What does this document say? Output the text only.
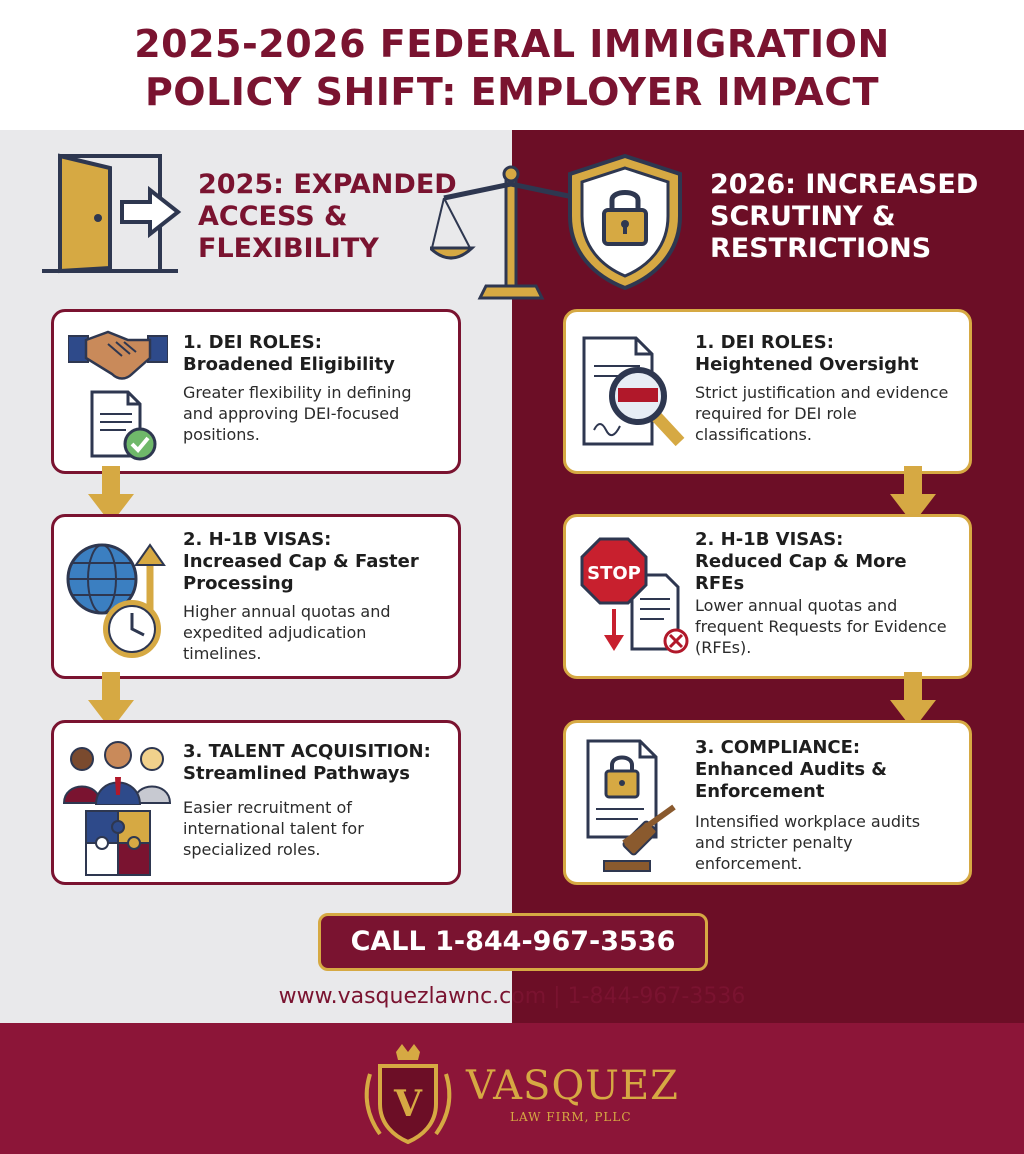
2025-2026 FEDERAL IMMIGRATION
POLICY SHIFT: EMPLOYER IMPACT
2025: EXPANDED
ACCESS &
FLEXIBILITY
2026: INCREASED
SCRUTINY &
RESTRICTIONS
1. DEI ROLES:
Broadened Eligibility
Greater flexibility in defining and approving DEI-focused positions.
2. H-1B VISAS:
Increased Cap & Faster
Processing
Higher annual quotas and expedited adjudication timelines.
3. TALENT ACQUISITION:
Streamlined Pathways
Easier recruitment of international talent for specialized roles.
1. DEI ROLES:
Heightened Oversight
Strict justification and evidence required for DEI role classifications.
STOP
2. H-1B VISAS:
Reduced Cap & More
RFEs
Lower annual quotas and frequent Requests for Evidence (RFEs).
3. COMPLIANCE:
Enhanced Audits &
Enforcement
Intensified workplace audits and stricter penalty enforcement.
CALL 1-844-967-3536
www.vasquezlawnc.com | 1-844-967-3536
V VASQUEZ
LAW FIRM, PLLC
